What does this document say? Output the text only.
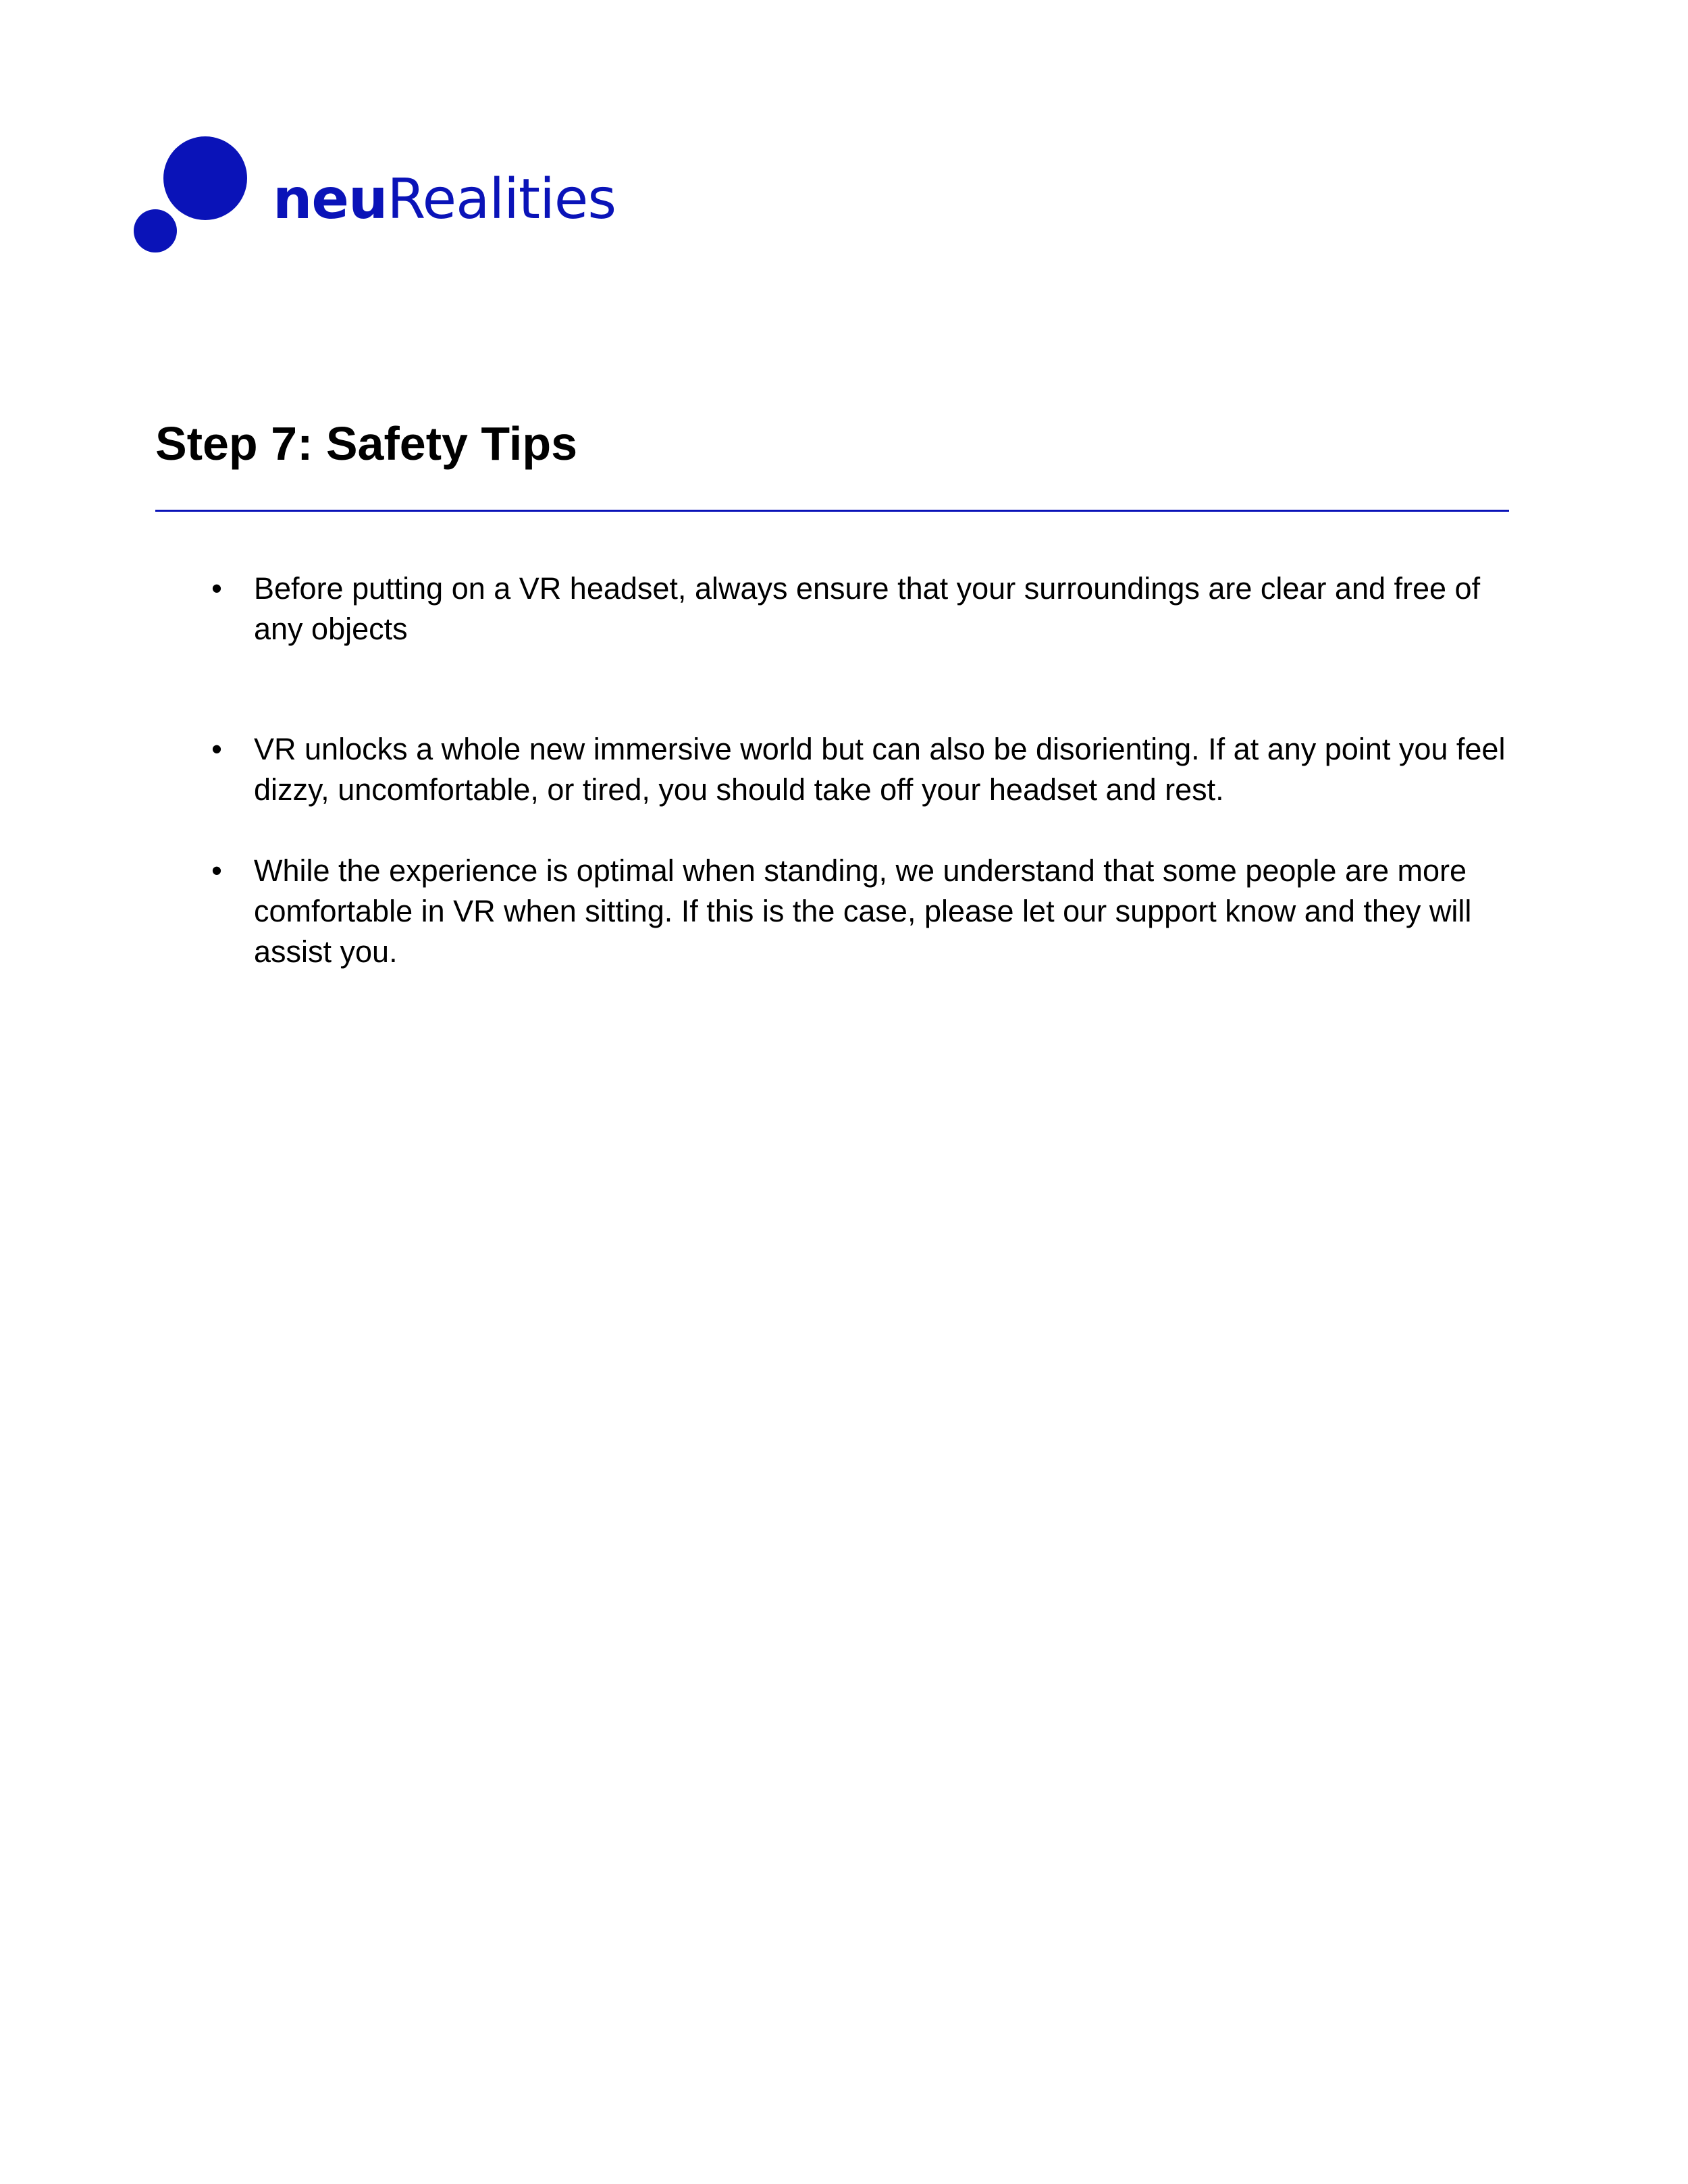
neuRealities
Step 7: Safety Tips
• Before putting on a VR headset, always ensure that your surroundings are clear and free of any objects
• VR unlocks a whole new immersive world but can also be disorienting. If at any point you feel dizzy, uncomfortable, or tired, you should take off your headset and rest.
• While the experience is optimal when standing, we understand that some people are more comfortable in VR when sitting. If this is the case, please let our support know and they will assist you.
